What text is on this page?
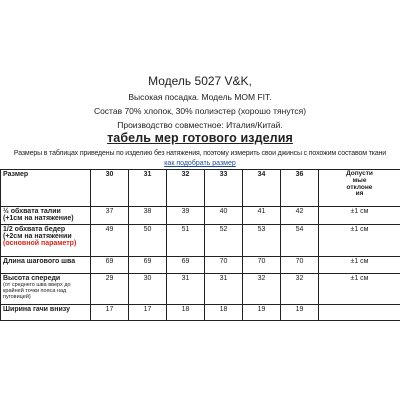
Модель 5027 V&K,
Высокая посадка. Модель MOM FIT.
Состав 70% хлопок, 30% полиэстер (хорошо тянутся)
Производство совместное: Италия/Китай.
табель мер готового изделия
Размеры в таблицах приведены по изделию без натяжения, поэтому измерить свои джинсы с похожим составом ткани
как подобрать размер
Размер	30	31	32	33	34	36	Допусти
мые
отклоне
ия

½ обхвата талии
(+1см на натяжение)	37	38	39	40	41	42	±1 см
1/2 обхвата бедер
(+2см на натяжении
(основной параметр)	49	50	51	52	53	54	±1 см
Длина шагового шва	69	69	69	70	70	70	±1 см
Высота спереди
(от среднего шва вверх до крайней точки пояса над пуговицей)	29	30	31	31	32	32	±1 см
Ширина гачи внизу	17	17	18	18	19	19	
